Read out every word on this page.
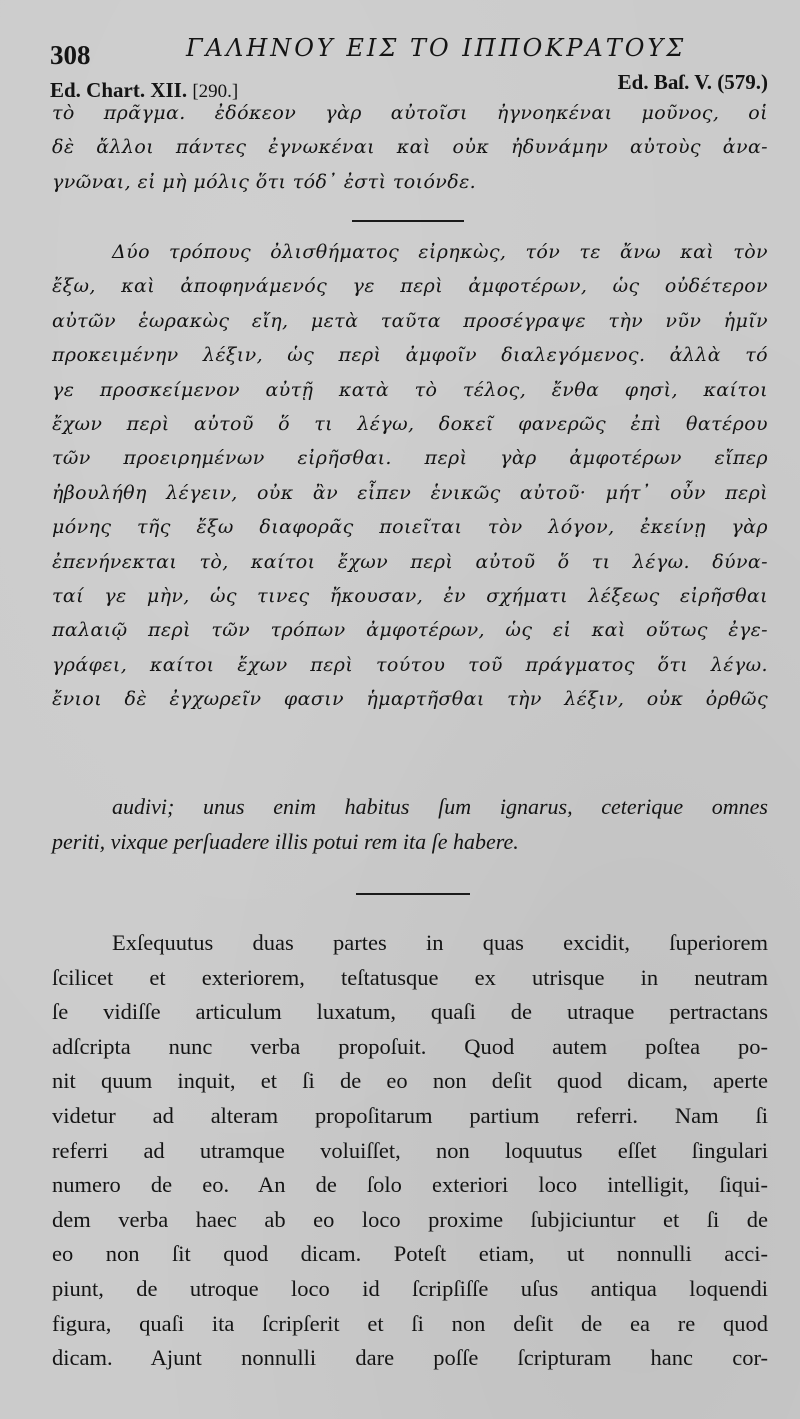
308	ΓΑΛΗΝΟΥ ΕΙΣ ΤΟ ΙΠΠΟΚΡΑΤΟΥΣ
Ed. Chart. XII. [290.]	Ed. Baſ. V. (579.)
τὸ πρᾶγμα. ἐδόκεον γὰρ αὐτοῖσι ἠγνοηκέναι μοῦνος, οἱ
δὲ ἄλλοι πάντες ἐγνωκέναι καὶ οὐκ ἠδυνάμην αὐτοὺς ἀνα-
γνῶναι, εἰ μὴ μόλις ὅτι τόδ᾽ ἐστὶ τοιόνδε.
Δύο τρόπους ὀλισθήματος εἰρηκὼς, τόν τε ἄνω καὶ τὸν
ἔξω, καὶ ἀποφηνάμενός γε περὶ ἀμφοτέρων, ὡς οὐδέτερον
αὐτῶν ἑωρακὼς εἴη, μετὰ ταῦτα προσέγραψε τὴν νῦν ἡμῖν
προκειμένην λέξιν, ὡς περὶ ἀμφοῖν διαλεγόμενος. ἀλλὰ τό
γε προσκείμενον αὐτῇ κατὰ τὸ τέλος, ἔνθα φησὶ, καίτοι
ἔχων περὶ αὐτοῦ ὅ τι λέγω, δοκεῖ φανερῶς ἐπὶ θατέρου
τῶν προειρημένων εἰρῆσθαι. περὶ γὰρ ἀμφοτέρων εἴπερ
ἠβουλήθη λέγειν, οὐκ ἂν εἶπεν ἑνικῶς αὐτοῦ· μήτ᾽ οὖν περὶ
μόνης τῆς ἔξω διαφορᾶς ποιεῖται τὸν λόγον, ἐκείνῃ γὰρ
ἐπενήνεκται τὸ, καίτοι ἔχων περὶ αὐτοῦ ὅ τι λέγω. δύνα-
ταί γε μὴν, ὡς τινες ἤκουσαν, ἐν σχήματι λέξεως εἰρῆσθαι
παλαιῷ περὶ τῶν τρόπων ἀμφοτέρων, ὡς εἰ καὶ οὕτως ἐγε-
γράφει, καίτοι ἔχων περὶ τούτου τοῦ πράγματος ὅτι λέγω.
ἔνιοι δὲ ἐγχωρεῖν φασιν ἡμαρτῆσθαι τὴν λέξιν, οὐκ ὀρθῶς
audivi; unus enim habitus ſum ignarus, ceterique omnes
periti, vixque perſuadere illis potui rem ita ſe habere.
Exſequutus duas partes in quas excidit, ſuperiorem
ſcilicet et exteriorem, teſtatusque ex utrisque in neutram
ſe vidiſſe articulum luxatum, quaſi de utraque pertractans
adſcripta nunc verba propoſuit. Quod autem poſtea po-
nit quum inquit, et ſi de eo non deſit quod dicam, aperte
videtur ad alteram propoſitarum partium referri. Nam ſi
referri ad utramque voluiſſet, non loquutus eſſet ſingulari
numero de eo. An de ſolo exteriori loco intelligit, ſiqui-
dem verba haec ab eo loco proxime ſubjiciuntur et ſi de
eo non ſit quod dicam. Poteſt etiam, ut nonnulli acci-
piunt, de utroque loco id ſcripſiſſe uſus antiqua loquendi
figura, quaſi ita ſcripſerit et ſi non deſit de ea re quod
dicam. Ajunt nonnulli dare poſſe ſcripturam hanc cor-
